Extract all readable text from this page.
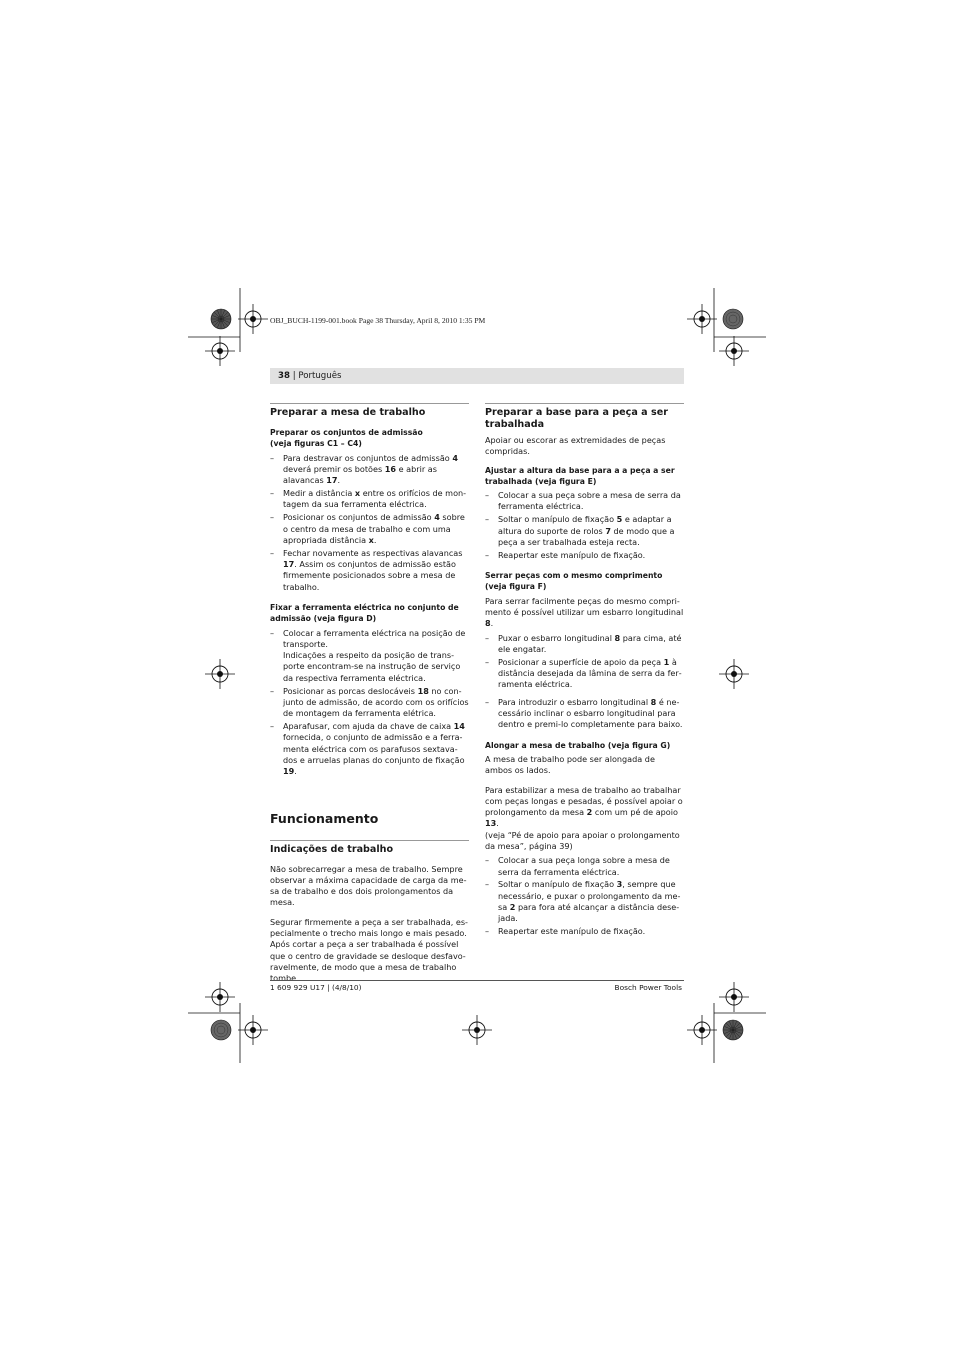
OBJ_BUCH-1199-001.book Page 38 Thursday, April 8, 2010 1:35 PM
38 | Português
Preparar a mesa de trabalho
Preparar os conjuntos de admissão
(veja figuras C1 – C4)
– Para destravar os conjuntos de admissão 4 deverá premir os botões 16 e abrir as alavancas 17.
– Medir a distância x entre os orifícios de montagem da sua ferramenta eléctrica.
– Posicionar os conjuntos de admissão 4 sobre o centro da mesa de trabalho e com uma apropriada distância x.
– Fechar novamente as respectivas alavancas 17. Assim os conjuntos de admissão estão firmemente posicionados sobre a mesa de trabalho.
Fixar a ferramenta eléctrica no conjunto de admissão (veja figura D)
– Colocar a ferramenta eléctrica na posição de transporte.
Indicações a respeito da posição de transporte encontram-se na instrução de serviço da respectiva ferramenta eléctrica.
– Posicionar as porcas deslocáveis 18 no conjunto de admissão, de acordo com os orifícios de montagem da ferramenta elétrica.
– Aparafusar, com ajuda da chave de caixa 14 fornecida, o conjunto de admissão e a ferramenta eléctrica com os parafusos sextavados e arruelas planas do conjunto de fixação 19.
Funcionamento
Indicações de trabalho

Não sobrecarregar a mesa de trabalho. Sempre observar a máxima capacidade de carga da mesa de trabalho e dos dois prolongamentos da mesa.

Segurar firmemente a peça a ser trabalhada, especialmente o trecho mais longo e mais pesado. Após cortar a peça a ser trabalhada é possível que o centro de gravidade se desloque desfavoravelmente, de modo que a mesa de trabalho tombe.

Preparar a base para a peça a ser trabalhada

Apoiar ou escorar as extremidades de peças compridas.

Ajustar a altura da base para a a peça a ser trabalhada (veja figura E)
– Colocar a sua peça sobre a mesa de serra da ferramenta eléctrica.
– Soltar o manípulo de fixação 5 e adaptar a altura do suporte de rolos 7 de modo que a peça a ser trabalhada esteja recta.
– Reapertar este manípulo de fixação.
Serrar peças com o mesmo comprimento (veja figura F)

Para serrar facilmente peças do mesmo comprimento é possível utilizar um esbarro longitudinal 8.

– Puxar o esbarro longitudinal 8 para cima, até ele engatar.
– Posicionar a superfície de apoio da peça 1 à distância desejada da lâmina de serra da ferramenta eléctrica.
– Para introduzir o esbarro longitudinal 8 é necessário inclinar o esbarro longitudinal para dentro e premi-lo completamente para baixo.
Alongar a mesa de trabalho (veja figura G)

A mesa de trabalho pode ser alongada de ambos os lados.

Para estabilizar a mesa de trabalho ao trabalhar com peças longas e pesadas, é possível apoiar o prolongamento da mesa 2 com um pé de apoio 13.

(veja “Pé de apoio para apoiar o prolongamento da mesa”, página 39)

– Colocar a sua peça longa sobre a mesa de serra da ferramenta eléctrica.
– Soltar o manípulo de fixação 3, sempre que necessário, e puxar o prolongamento da mesa 2 para fora até alcançar a distância desejada.
– Reapertar este manípulo de fixação.
1 609 929 U17 | (4/8/10)	Bosch Power Tools
